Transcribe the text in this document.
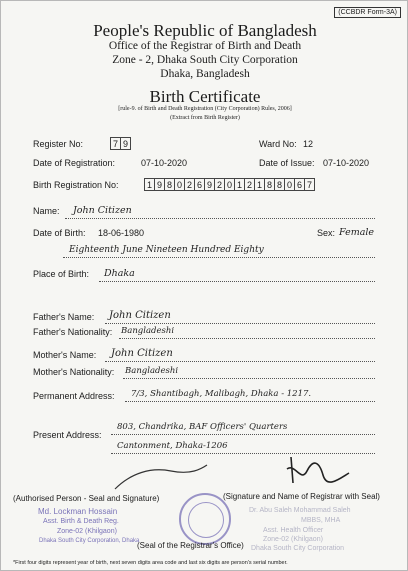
(CCBDR Form-3A)
People's Republic of Bangladesh
Office of the Registrar of Birth and Death
Zone - 2, Dhaka South City Corporation
Dhaka, Bangladesh
Birth Certificate
[rule-9. of Birth and Death Registration (City Corporation) Rules, 2006]
(Extract from Birth Register)
Register No:	7 9	Ward No: 12
Date of Registration:	07-10-2020	Date of Issue: 07-10-2020
Birth Registration No:	1 9 8 0 2 6 9 2 0 1 2 1 8 8 0 6 7
Name: John Citizen
Date of Birth: 18-06-1980	Sex: Female
Eighteenth June Nineteen Hundred Eighty
Place of Birth: Dhaka
Father's Name: John Citizen
Father's Nationality: Bangladeshi
Mother's Name: John Citizen
Mother's Nationality: Bangladeshi
Permanent Address: 7/3, Shantibagh, Malibagh, Dhaka - 1217.
Present Address:
803, Chandrika, BAF Officers' Quarters
Cantonment, Dhaka-1206
(Authorised Person - Seal and Signature)	(Signature and Name of Registrar with Seal)
Md. Lockman Hossain
Asst. Birth & Death Reg.
Zone-02 (Khilgaon)
Dhaka South City Corporation, Dhaka
(Seal of the Registrar's Office)
Dr. Abu Saleh Mohammad Saleh
MBBS, MHA
Asst. Health Officer
Zone-02 (Khilgaon)
Dhaka South City Corporation
*First four digits represent year of birth, next seven digits area code and last six digits are person's serial number.
